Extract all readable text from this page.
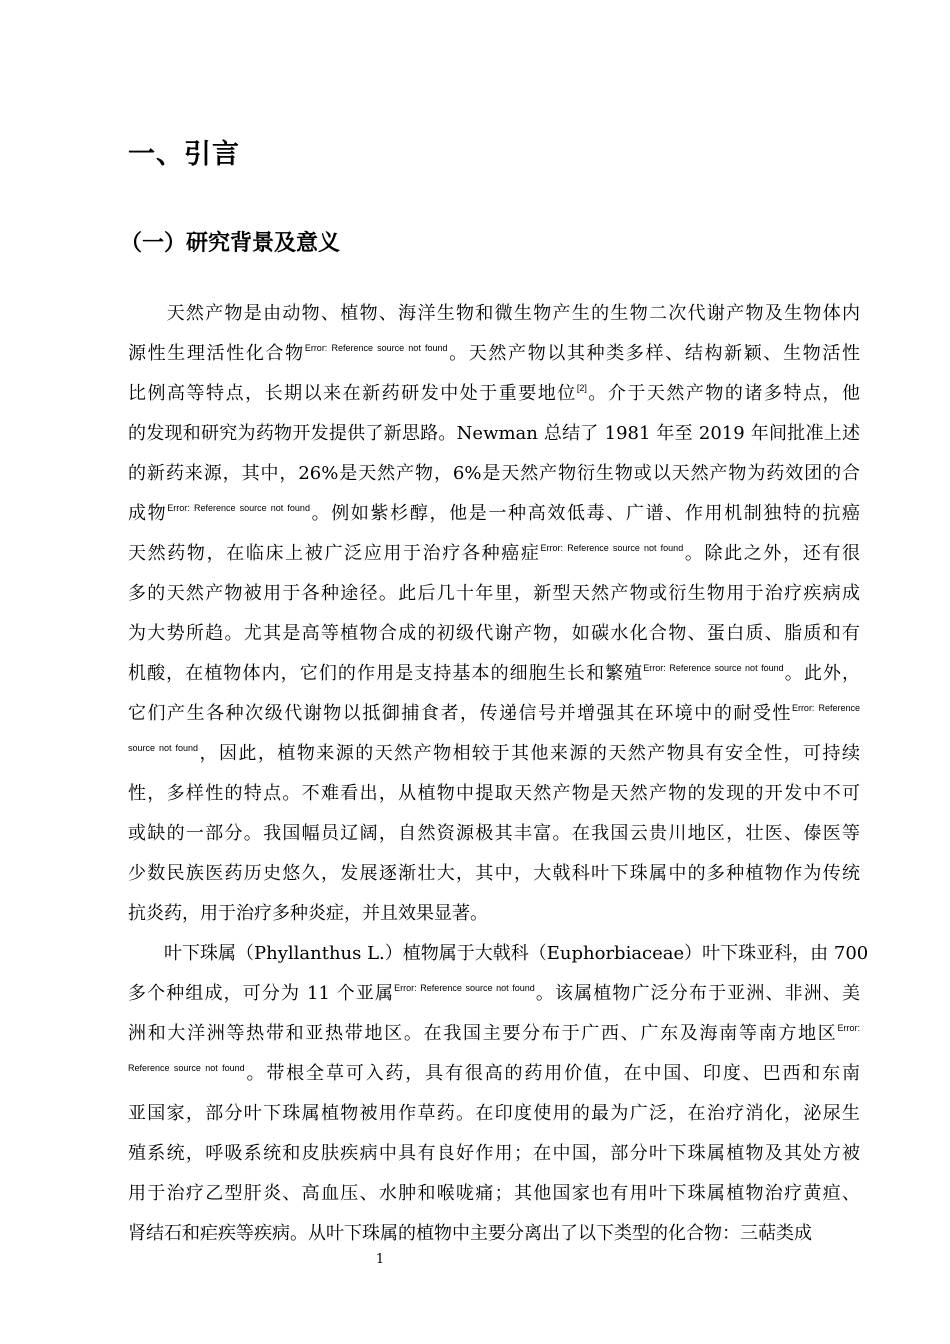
一、引言
（一）研究背景及意义
　　天然产物是由动物、植物、海洋生物和微生物产生的生物二次代谢产物及生物体内
源性生理活性化合物$^{Error: Reference source not found}$。天然产物以其种类多样、结构新颖、生物活性
比例高等特点，长期以来在新药研发中处于重要地位[2]。介于天然产物的诸多特点，他
的发现和研究为药物开发提供了新思路。Newman 总结了 1981 年至 2019 年间批准上述
的新药来源，其中，26%是天然产物，6%是天然产物衍生物或以天然产物为药效团的合
成物$^{Error: Reference source not found}$。例如紫杉醇，他是一种高效低毒、广谱、作用机制独特的抗癌
天然药物，在临床上被广泛应用于治疗各种癌症$^{Error: Reference source not found}$。除此之外，还有很
多的天然产物被用于各种途径。此后几十年里，新型天然产物或衍生物用于治疗疾病成
为大势所趋。尤其是高等植物合成的初级代谢产物，如碳水化合物、蛋白质、脂质和有
机酸，在植物体内，它们的作用是支持基本的细胞生长和繁殖$^{Error: Reference source not found}$。此外，
它们产生各种次级代谢物以抵御捕食者，传递信号并增强其在环境中的耐受性$^{Error: Reference}$
$^{source not found}$，因此，植物来源的天然产物相较于其他来源的天然产物具有安全性，可持续
性，多样性的特点。不难看出，从植物中提取天然产物是天然产物的发现的开发中不可
或缺的一部分。我国幅员辽阔，自然资源极其丰富。在我国云贵川地区，壮医、傣医等
少数民族医药历史悠久，发展逐渐壮大，其中，大戟科叶下珠属中的多种植物作为传统
抗炎药，用于治疗多种炎症，并且效果显著。
　　叶下珠属（Phyllanthus L.）植物属于大戟科（Euphorbiaceae）叶下珠亚科，由 700
多个种组成，可分为 11 个亚属$^{Error: Reference source not found}$。该属植物广泛分布于亚洲、非洲、美
洲和大洋洲等热带和亚热带地区。在我国主要分布于广西、广东及海南等南方地区$^{Error:}$
$^{Reference source not found}$。带根全草可入药，具有很高的药用价值，在中国、印度、巴西和东南
亚国家，部分叶下珠属植物被用作草药。在印度使用的最为广泛，在治疗消化，泌尿生
殖系统，呼吸系统和皮肤疾病中具有良好作用；在中国，部分叶下珠属植物及其处方被
用于治疗乙型肝炎、高血压、水肿和喉咙痛；其他国家也有用叶下珠属植物治疗黄疸、
肾结石和疟疾等疾病。从叶下珠属的植物中主要分离出了以下类型的化合物：三萜类成
1
